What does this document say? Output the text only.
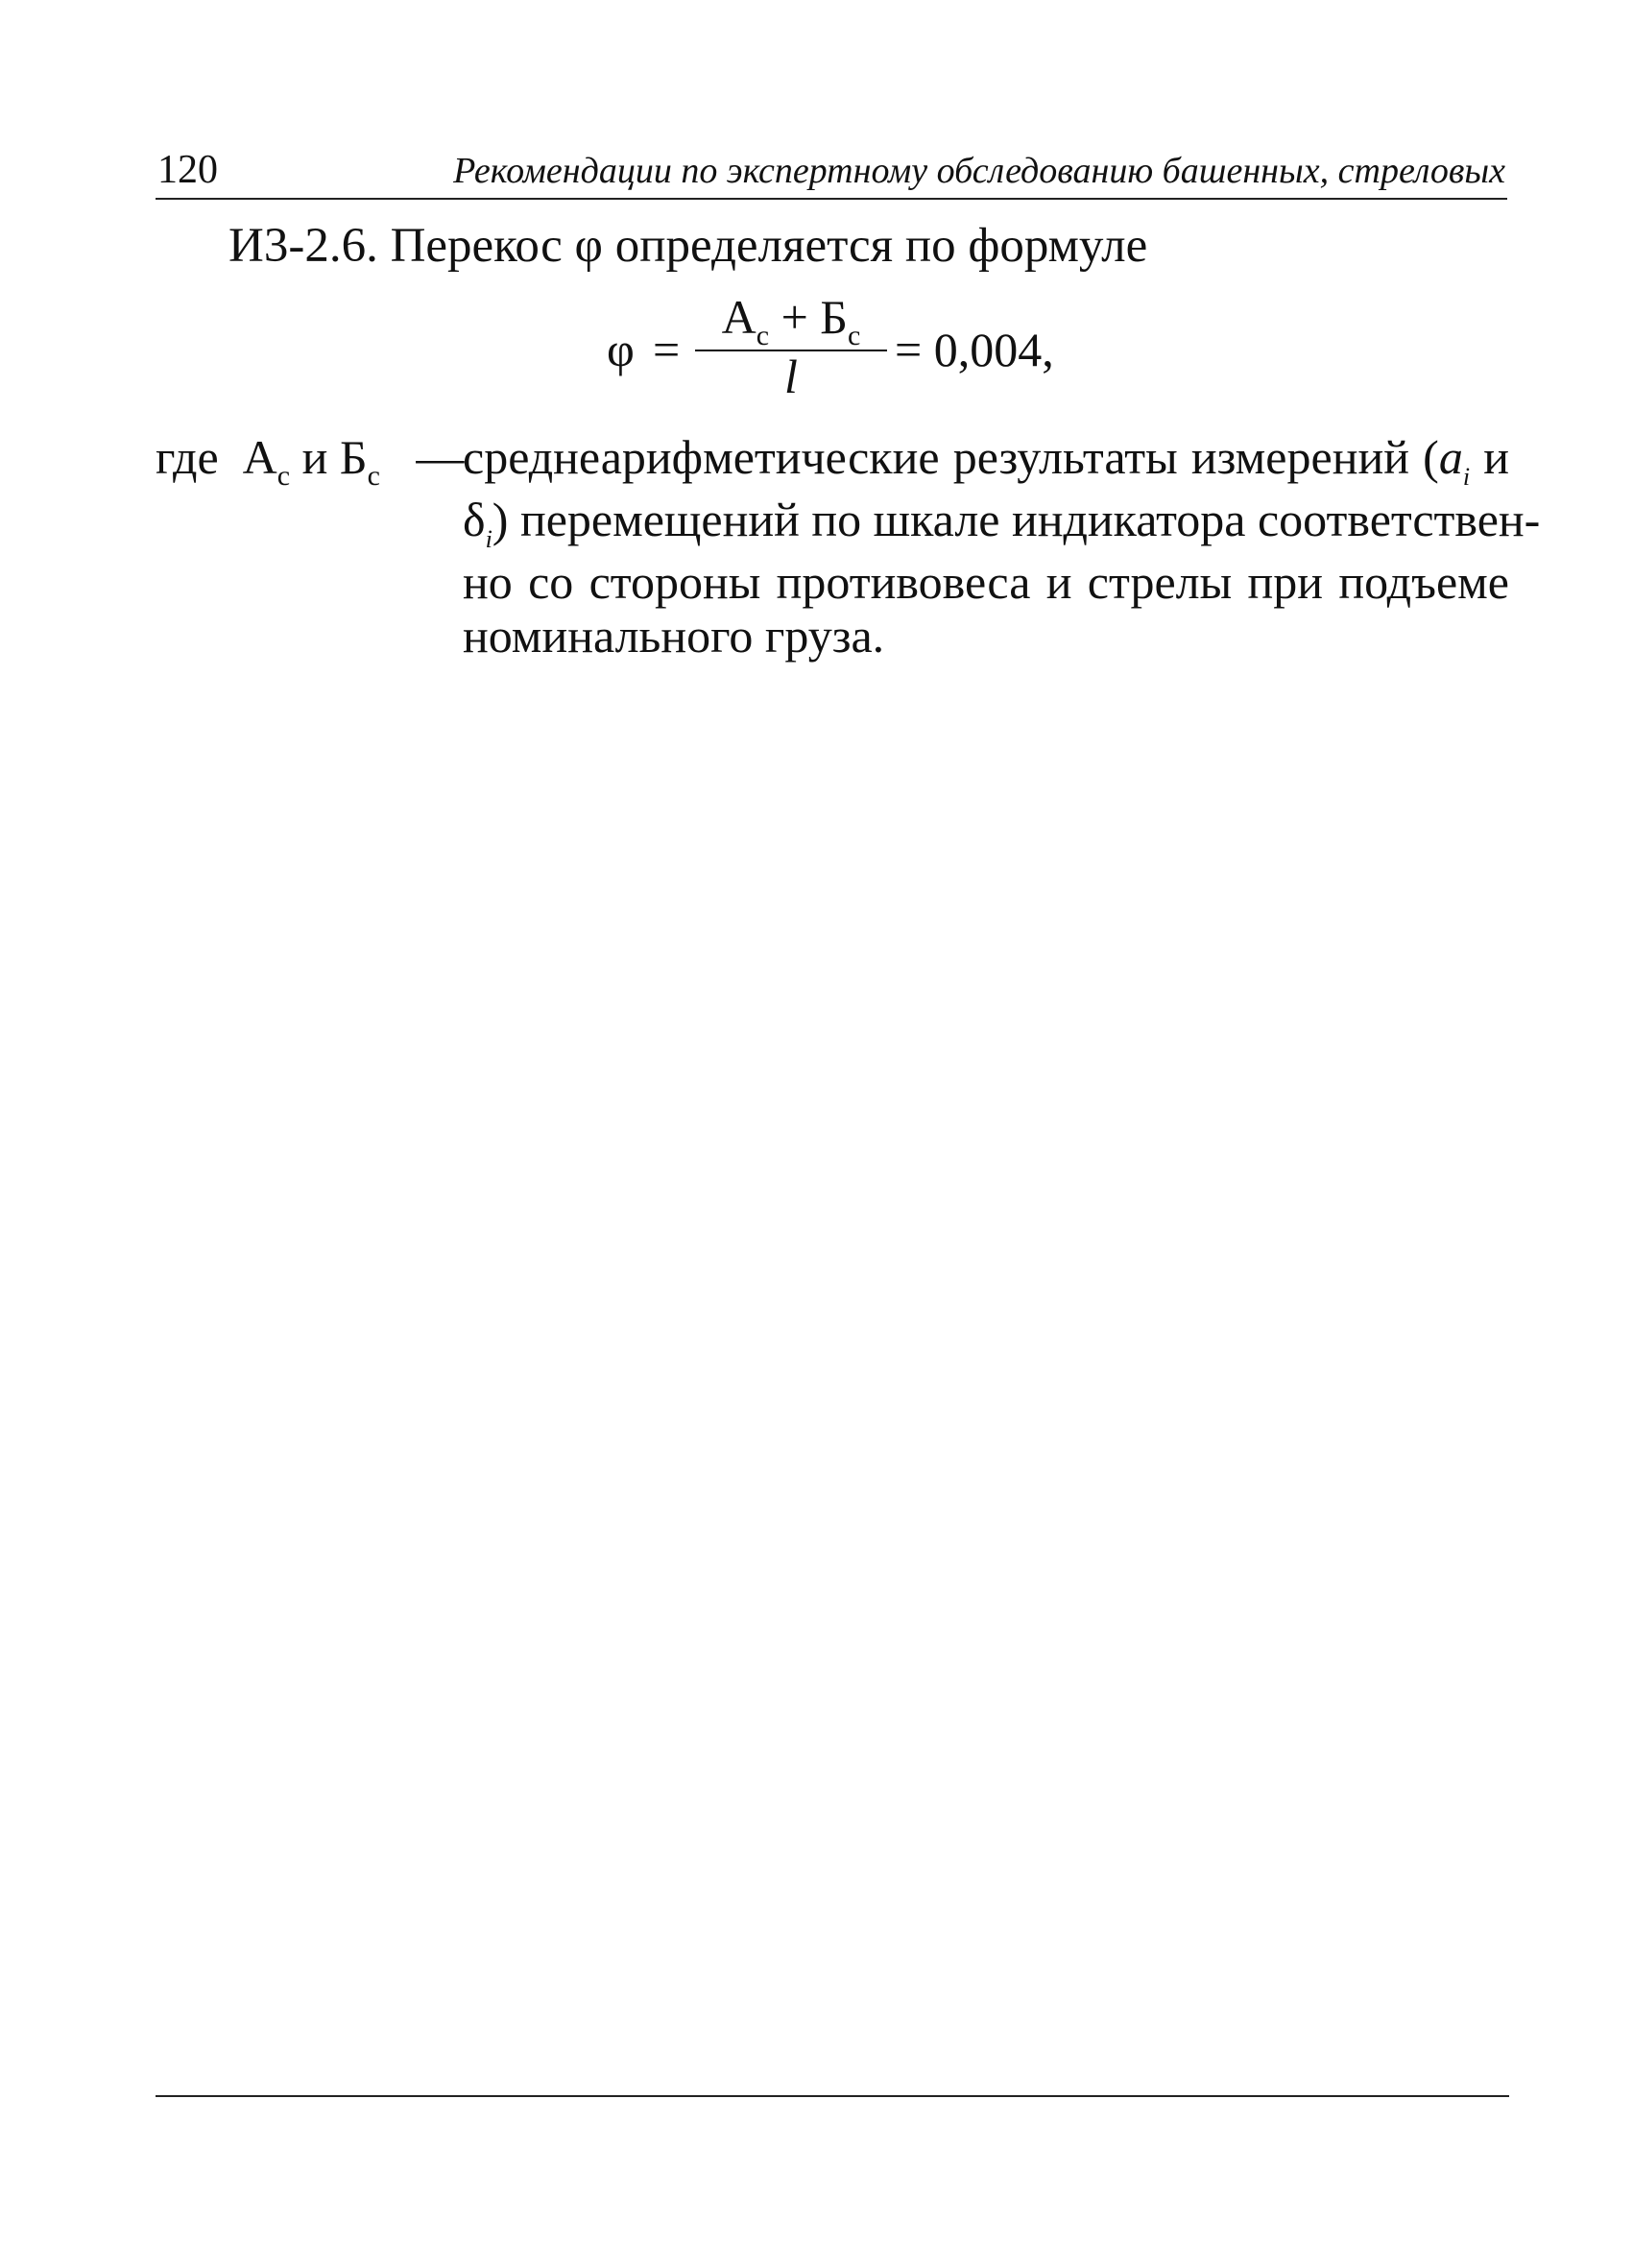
120	Рекомендации по экспертному обследованию башенных, стреловых
И3-2.6. Перекос φ определяется по формуле
φ =
$А_с + Б_с$
l	= 0,004,
где $А_с$ и $Б_с$ —
среднеарифметические результаты измерений ($a_i$ и
$\delta_i$) перемещений по шкале индикатора соответствен-
но со стороны противовеса и стрелы при подъеме
номинального груза.
